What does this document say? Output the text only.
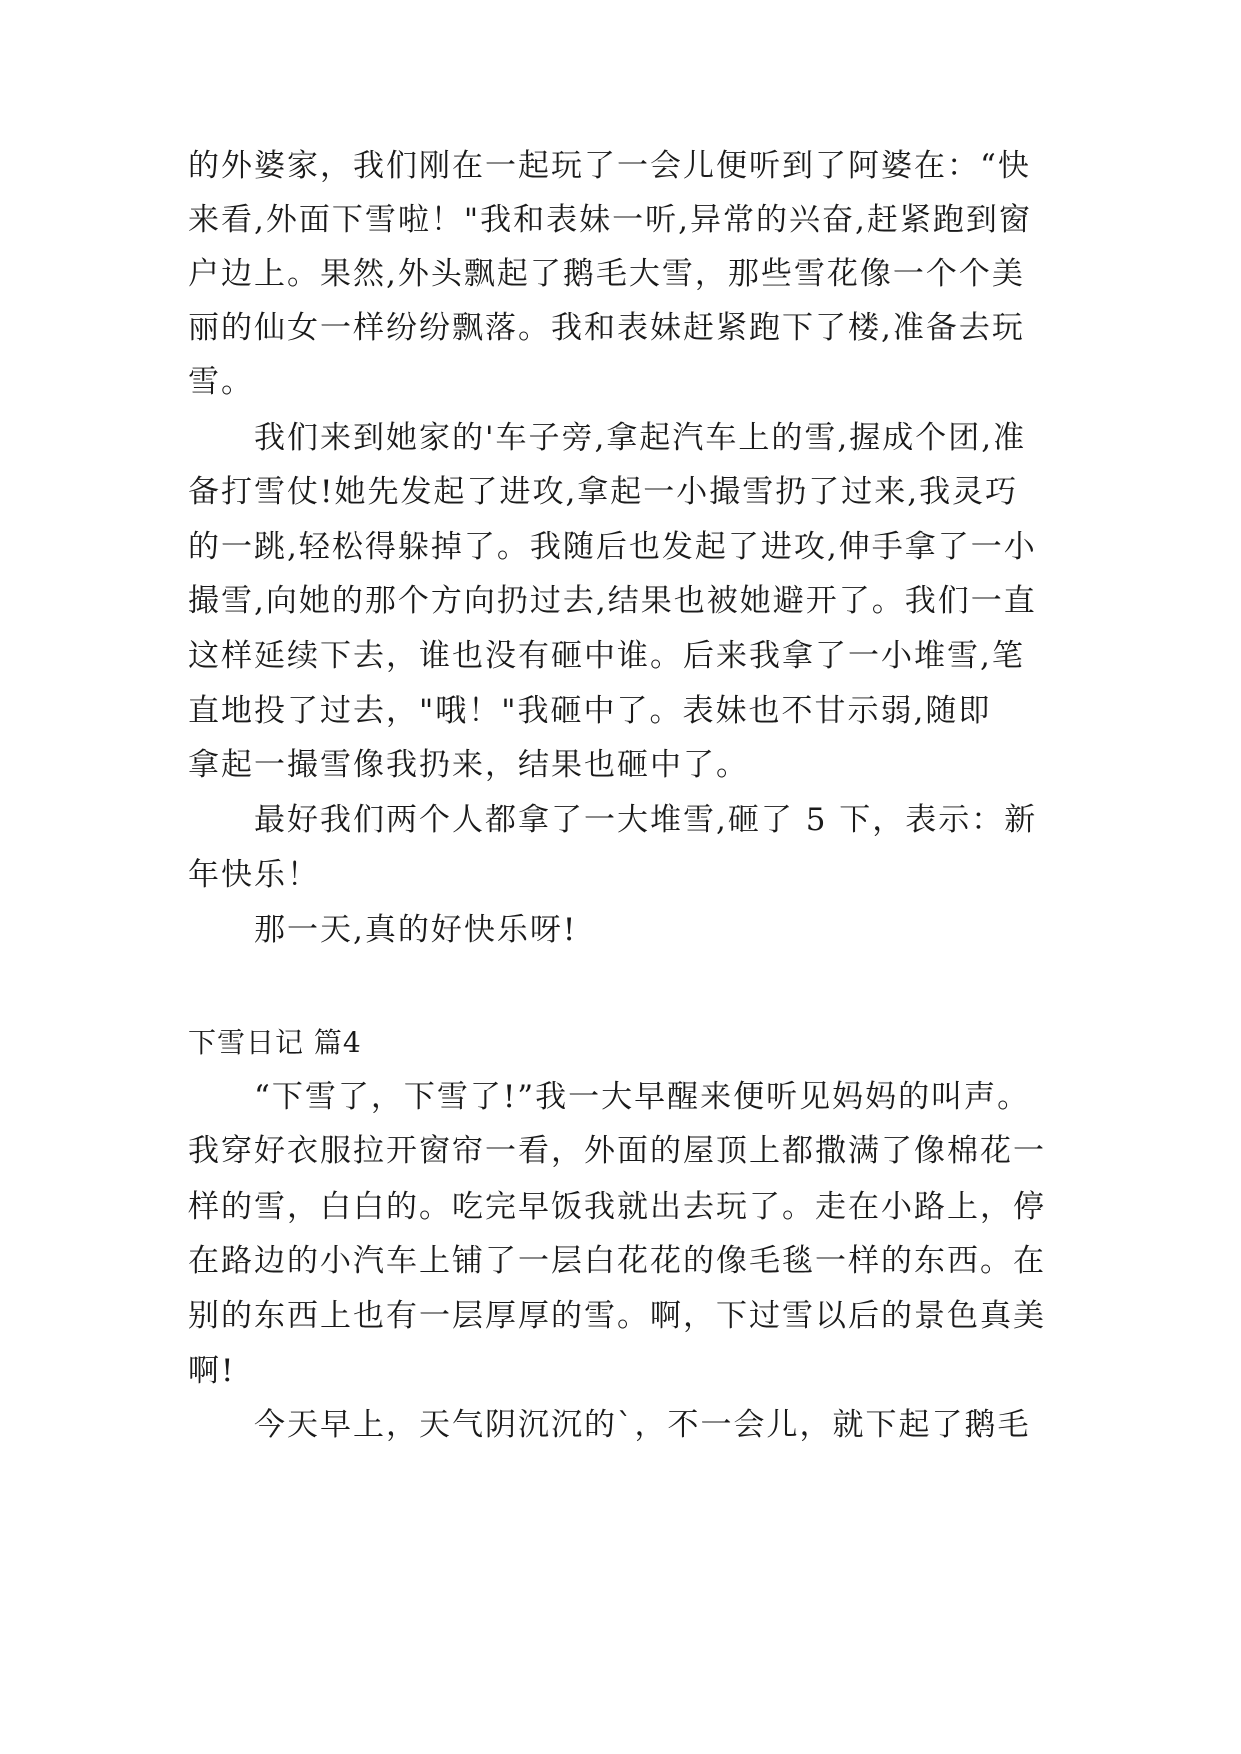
的外婆家，我们刚在一起玩了一会儿便听到了阿婆在：“快
来看,外面下雪啦！"我和表妹一听,异常的兴奋,赶紧跑到窗
户边上。果然,外头飘起了鹅毛大雪，那些雪花像一个个美
丽的仙女一样纷纷飘落。我和表妹赶紧跑下了楼,准备去玩
雪。
我们来到她家的'车子旁,拿起汽车上的雪,握成个团,准
备打雪仗!她先发起了进攻,拿起一小撮雪扔了过来,我灵巧
的一跳,轻松得躲掉了。我随后也发起了进攻,伸手拿了一小
撮雪,向她的那个方向扔过去,结果也被她避开了。我们一直
这样延续下去，谁也没有砸中谁。后来我拿了一小堆雪,笔
直地投了过去，"哦！"我砸中了。表妹也不甘示弱,随即
拿起一撮雪像我扔来，结果也砸中了。
最好我们两个人都拿了一大堆雪,砸了 5 下，表示：新
年快乐！
那一天,真的好快乐呀!
下雪日记 篇4
“下雪了，下雪了!”我一大早醒来便听见妈妈的叫声。
我穿好衣服拉开窗帘一看，外面的屋顶上都撒满了像棉花一
样的雪，白白的。吃完早饭我就出去玩了。走在小路上，停
在路边的小汽车上铺了一层白花花的像毛毯一样的东西。在
别的东西上也有一层厚厚的雪。啊，下过雪以后的景色真美
啊!
今天早上，天气阴沉沉的`，不一会儿，就下起了鹅毛
